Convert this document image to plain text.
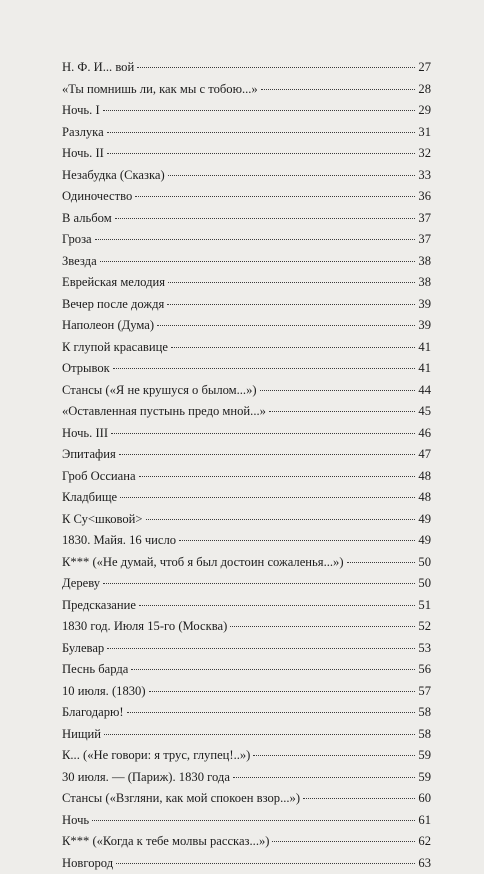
Н. Ф. И... вой	27
«Ты помнишь ли, как мы с тобою...»	28
Ночь. I	29
Разлука	31
Ночь. II	32
Незабудка (Сказка)	33
Одиночество	36
В альбом	37
Гроза	37
Звезда	38
Еврейская мелодия	38
Вечер после дождя	39
Наполеон (Дума)	39
К глупой красавице	41
Отрывок	41
Стансы («Я не крушуся о былом...»)	44
«Оставленная пустынь предо мной...»	45
Ночь. III	46
Эпитафия	47
Гроб Оссиана	48
Кладбище	48
К Су<шковой>	49
1830. Майя. 16 число	49
К*** («Не думай, чтоб я был достоин сожаленья...»)	50
Дереву	50
Предсказание	51
1830 год. Июля 15-го (Москва)	52
Булевар	53
Песнь барда	56
10 июля. (1830)	57
Благодарю!	58
Нищий	58
К... («Не говори: я трус, глупец!..»)	59
30 июля. — (Париж). 1830 года	59
Стансы («Взгляни, как мой спокоен взор...»)	60
Ночь	61
К*** («Когда к тебе молвы рассказ...»)	62
Новгород	63
